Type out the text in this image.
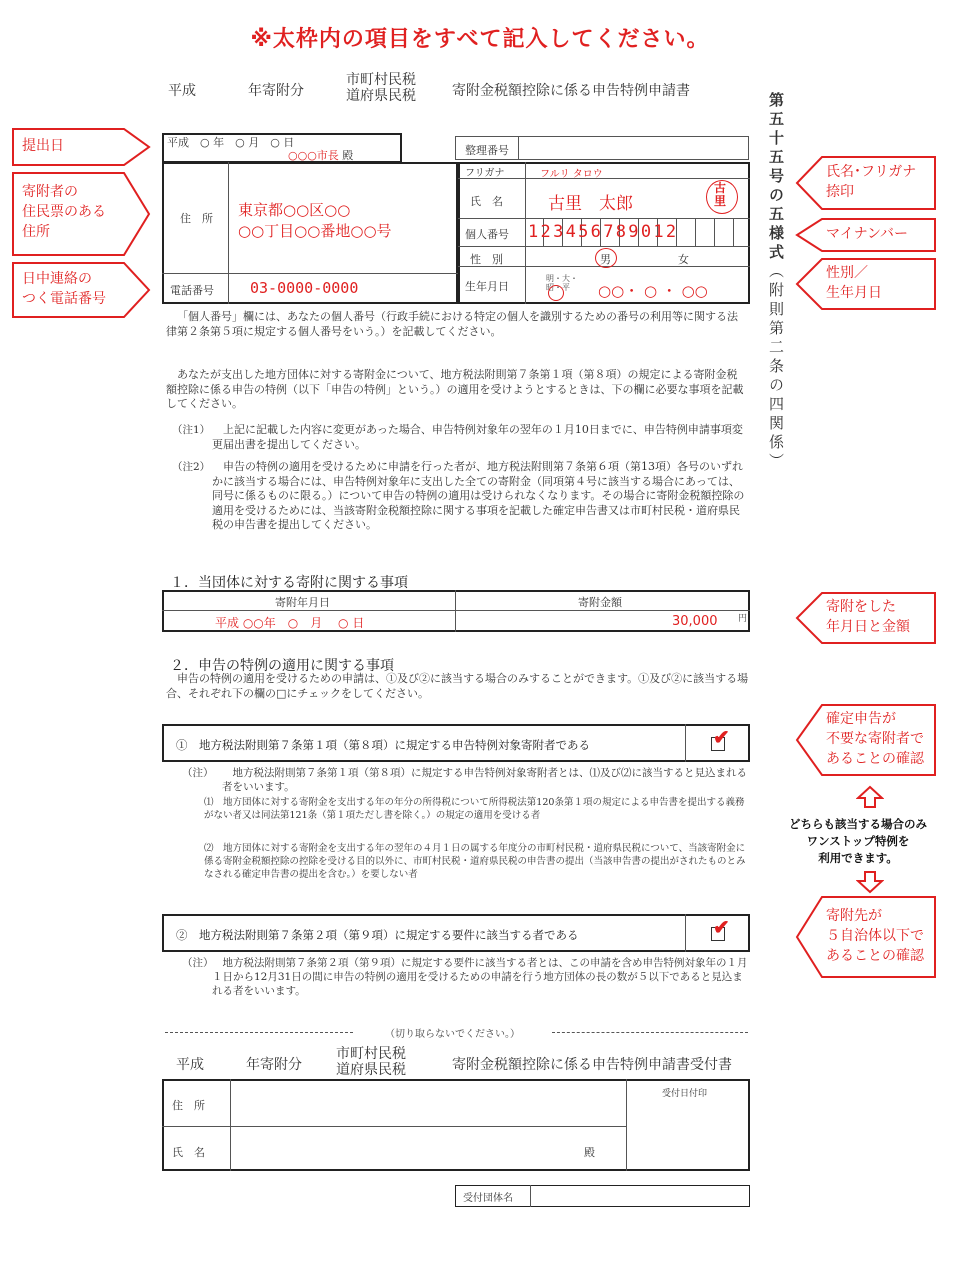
※太枠内の項目をすべて記入してください。
平成	年寄附分
市町村民税
道府県民税	寄附金税額控除に係る申告特例申請書
第五十五号の五様式（附則第二条の四関係）
平成　○ 年　○ 月　○ 日
○○○市長 殿	整理番号
住　所 東京都○○区○○
○○丁目○○番地○○号
電話番号 03-0000-0000
フリガナ	フルリ タロウ
氏　名	古里　太郎
古里
個人番号 123456789012
性　別	男	女
生年月日
明・大・昭・平	○○・ ○ ・ ○○
「個人番号」欄には、あなたの個人番号（行政手続における特定の個人を識別するための番号の利用等に関する法律第２条第５項に規定する個人番号をいう。）を記載してください。
あなたが支出した地方団体に対する寄附金について、地方税法附則第７条第１項（第８項）の規定による寄附金税額控除に係る申告の特例（以下「申告の特例」という。）の適用を受けようとするときは、下の欄に必要な事項を記載してください。
（注1）	上記に記載した内容に変更があった場合、申告特例対象年の翌年の１月10日までに、申告特例申請事項変更届出書を提出してください。
（注2）	申告の特例の適用を受けるために申請を行った者が、地方税法附則第７条第６項（第13項）各号のいずれかに該当する場合には、申告特例対象年に支出した全ての寄附金（同項第４号に該当する場合にあっては、同号に係るものに限る。）について申告の特例の適用は受けられなくなります。その場合に寄附金税額控除の適用を受けるためには、当該寄附金税額控除に関する事項を記載した確定申告書又は市町村民税・道府県民税の申告書を提出してください。
１．当団体に対する寄附に関する事項
寄附年月日	寄附金額
平成 ○○年　○　月　 ○ 日	30,000 円
２．申告の特例の適用に関する事項
申告の特例の適用を受けるための申請は、①及び②に該当する場合のみすることができます。①及び②に該当する場合、それぞれ下の欄の□にチェックをしてください。
①　地方税法附則第７条第１項（第８項）に規定する申告特例対象寄附者である	✔
（注）	地方税法附則第７条第１項（第８項）に規定する申告特例対象寄附者とは、⑴及び⑵に該当すると見込まれる者をいいます。
⑴　地方団体に対する寄附金を支出する年の年分の所得税について所得税法第120条第１項の規定による申告書を提出する義務がない者又は同法第121条（第１項ただし書を除く。）の規定の適用を受ける者
⑵　地方団体に対する寄附金を支出する年の翌年の４月１日の属する年度分の市町村民税・道府県民税について、当該寄附金に係る寄附金税額控除の控除を受ける目的以外に、市町村民税・道府県民税の申告書の提出（当該申告書の提出がされたものとみなされる確定申告書の提出を含む。）を要しない者
②　地方税法附則第７条第２項（第９項）に規定する要件に該当する者である	✔
（注） 地方税法附則第７条第２項（第９項）に規定する要件に該当する者とは、この申請を含め申告特例対象年の１月１日から12月31日の間に申告の特例の適用を受けるための申請を行う地方団体の長の数が５以下であると見込まれる者をいいます。
（切り取らないでください。）
平成	年寄附分
市町村民税
道府県民税	寄附金税額控除に係る申告特例申請書受付書
住　所
氏　名	殿
受付日付印
受付団体名
提出日
寄附者の
住民票のある
住所
日中連絡の
つく電話番号
氏名･フリガナ
捺印
マイナンバー
性別／
生年月日
寄附をした
年月日と金額
確定申告が
不要な寄附者で
あることの確認
どちらも該当する場合のみ
ワンストップ特例を
利用できます。
寄附先が
５自治体以下で
あることの確認
